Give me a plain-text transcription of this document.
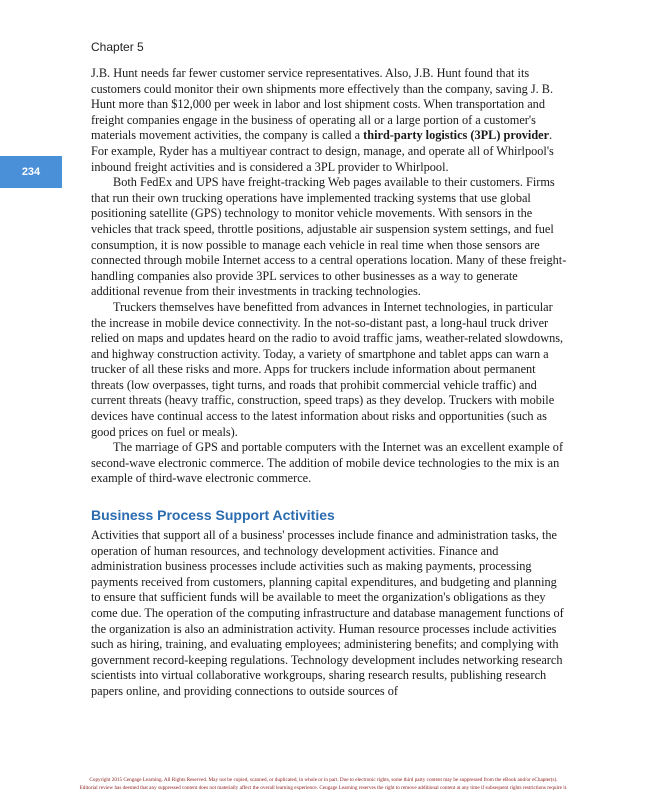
Chapter 5
234

J.B. Hunt needs far fewer customer service representatives. Also, J.B. Hunt found that its customers could monitor their own shipments more effectively than the company, saving J. B. Hunt more than $12,000 per week in labor and lost shipment costs. When transportation and freight companies engage in the business of operating all or a large portion of a customer's materials movement activities, the company is called a third-party logistics (3PL) provider. For example, Ryder has a multiyear contract to design, manage, and operate all of Whirlpool's inbound freight activities and is considered a 3PL provider to Whirlpool.

Both FedEx and UPS have freight-tracking Web pages available to their customers. Firms that run their own trucking operations have implemented tracking systems that use global positioning satellite (GPS) technology to monitor vehicle movements. With sensors in the vehicles that track speed, throttle positions, adjustable air suspension system settings, and fuel consumption, it is now possible to manage each vehicle in real time when those sensors are connected through mobile Internet access to a central operations location. Many of these freight-handling companies also provide 3PL services to other businesses as a way to generate additional revenue from their investments in tracking technologies.

Truckers themselves have benefitted from advances in Internet technologies, in particular the increase in mobile device connectivity. In the not-so-distant past, a long-haul truck driver relied on maps and updates heard on the radio to avoid traffic jams, weather-related slowdowns, and highway construction activity. Today, a variety of smartphone and tablet apps can warn a trucker of all these risks and more. Apps for truckers include information about permanent threats (low overpasses, tight turns, and roads that prohibit commercial vehicle traffic) and current threats (heavy traffic, construction, speed traps) as they develop. Truckers with mobile devices have continual access to the latest information about risks and opportunities (such as good prices on fuel or meals).

The marriage of GPS and portable computers with the Internet was an excellent example of second-wave electronic commerce. The addition of mobile device technologies to the mix is an example of third-wave electronic commerce.

Business Process Support Activities

Activities that support all of a business' processes include finance and administration tasks, the operation of human resources, and technology development activities. Finance and administration business processes include activities such as making payments, processing payments received from customers, planning capital expenditures, and budgeting and planning to ensure that sufficient funds will be available to meet the organization's obligations as they come due. The operation of the computing infrastructure and database management functions of the organization is also an administration activity. Human resource processes include activities such as hiring, training, and evaluating employees; administering benefits; and complying with government record-keeping regulations. Technology development includes networking research scientists into virtual collaborative workgroups, sharing research results, publishing research papers online, and providing connections to outside sources of

Copyright 2015 Cengage Learning. All Rights Reserved. May not be copied, scanned, or duplicated, in whole or in part. Due to electronic rights, some third party content may be suppressed from the eBook and/or eChapter(s).
Editorial review has deemed that any suppressed content does not materially affect the overall learning experience. Cengage Learning reserves the right to remove additional content at any time if subsequent rights restrictions require it.
